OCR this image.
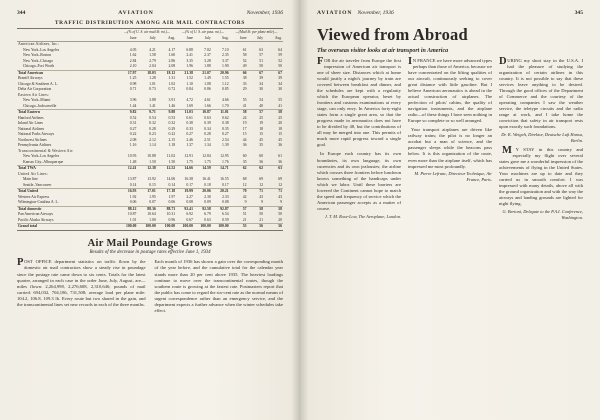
344	AVIATION	November, 1936
TRAFFIC DISTRIBUTION AMONG AIR MAIL CONTRACTORS
	—(% of U. S. air mail lb. mi.)—			—(% of U. S. air pass. mi.)—			—(Mail lb. per plane mile)—		
	June	July	Aug.	June	July	Aug.	June	July	Aug.
American Airlines, Inc.:									
New York–Los Angeles	4.05	4.21	4.17	6.88	7.02	7.10	61	63	64
New York–Boston	1.62	1.58	1.60	2.41	2.37	2.35	58	57	59
New York–Chicago	2.84	2.79	2.86	3.35	3.28	3.37	52	51	52
Chicago–Fort Worth	2.10	2.04	2.08	1.96	1.88	1.90	49	50	50
Total American	17.97	18.03	18.12	21.38	21.07	20.96	66	67	67
Braniff Airways	1.25	1.28	1.31	1.52	1.49	1.55	38	39	39
Chicago & Southern A. L.	0.98	1.01	1.02	1.10	1.08	1.12	33	34	34
Delta Air Corporation	0.71	0.73	0.72	0.84	0.86	0.85	29	30	30
Eastern Air Lines:									
New York–Miami	3.96	3.88	3.91	4.72	4.61	4.66	55	54	55
Chicago–Jacksonville	1.44	1.41	1.46	1.69	1.66	1.70	41	40	41
Total Eastern	9.82	9.71	9.88	11.03	10.87	11.01	58	57	58
Hanford Airlines	0.52	0.54	0.53	0.61	0.63	0.62	24	25	25
Inland Air Lines	0.31	0.32	0.32	0.38	0.39	0.38	19	19	20
National Airlines	0.27	0.28	0.29	0.33	0.34	0.35	17	18	18
National Parks Airways	0.22	0.23	0.22	0.27	0.28	0.27	15	15	15
Northwest Airlines	2.08	2.12	2.15	2.46	2.51	2.54	44	45	45
Pennsylvania Airlines	1.16	1.14	1.18	1.37	1.34	1.39	36	35	36
Transcontinental & Western Air:									
New York–Los Angeles	10.93	10.88	11.02	12.91	12.84	12.95	60	60	61
Kansas City–Albuquerque	1.48	1.50	1.50	1.75	1.75	1.76	35	36	36
Total TWA	12.41	12.38	12.52	14.66	14.59	14.71	62	62	63
United Air Lines:									
Main line	13.87	13.92	14.06	16.38	16.41	16.55	68	69	69
Seattle–Vancouver	0.14	0.15	0.14	0.17	0.18	0.17	12	12	12
Total United	16.93	17.01	17.18	19.99	20.06	20.21	70	71	71
Western Air Express	1.92	1.95	1.97	2.27	2.30	2.33	42	43	43
Wilmington-Catalina A. L.	0.06	0.07	0.06	0.08	0.09	0.08	9	9	9
Total domestic	88.12	88.36	88.73	92.41	92.58	92.87	57	58	58
Pan American Airways	10.87	10.64	10.31	6.92	6.79	6.54	51	50	50
Pacific Alaska Airways	1.01	1.00	0.96	0.67	0.63	0.59	21	21	20
Grand total	100.00	100.00	100.00	100.00	100.00	100.00	55	56	56
Air Mail Poundage Grows
Results of the decrease in postage rates effective June 1, 1934

POST OFFICE department statistics on traffic flown by the domestic air mail contractors show a steady rise in poundage since the postage rate came down to six cents. Totals for the latest quarter, arranged in each case in the order June, July, August, are—miles flown: 2,264,998, 2,276,608, 2,310,646; pounds of mail carried: 694,032, 704,186, 731,508; average load per plane mile: 104.2, 106.8, 109.3 lb. Every route but two shared in the gain, and the transcontinental lines set new records in each of the three months.

Each month of 1936 has shown a gain over the corresponding month of the year before, and the cumulative total for the calendar year stands more than 20 per cent above 1935. The heaviest loadings continue to move over the transcontinental routes, though the southern route is growing at the fastest rate. Postmasters report that the public has come to regard the six-cent rate as the normal means of urgent correspondence rather than an emergency service, and the department expects a further advance when the winter schedules take effect.

AVIATION November, 1936	345
Viewed from Abroad
The overseas visitor looks at air transport in America

FOR the air traveler from Europe the first impression of American air transport is one of sheer size. Distances which at home would justify a night's journey by train are covered between breakfast and dinner, and the schedules are kept with a regularity which the European operator, beset by frontiers and customs examinations at every stage, can only envy. In America forty-eight states form a single great area, so that the progress made in aeronautics does not have to be divided by 48, but the contributions of all may be merged into one. This permits of much more rapid progress toward a single goal.

In Europe each country has its own boundaries, its own language, its own currencies and its own jealousies; the airline which crosses three frontiers before luncheon knows something of the handicaps under which we labor. Until these barriers are lowered the Continent cannot hope to match the speed and frequency of service which the American passenger accepts as a matter of course.

J. T. M. Rose-Low, The Aeroplane, London.

I N FRANCE we have more advanced types perhaps than those of America, because we have concentrated on the lifting qualities of our aircraft, continuously seeking to cover great distance with little gasoline. But I believe American aeronautics is ahead in the actual construction of airplanes. The perfection of pilots' cabins, the quality of navigation instruments, and the airplane radio—of these things I have seen nothing in Europe so complete or so well arranged.

Your transport airplanes are driven like railway trains; the pilot is no longer an acrobat but a man of science, and the passenger sleeps while the beacons pass below. It is this organization of the route, even more than the airplane itself, which has impressed me most profoundly.

M. Pierre Lefranc, Directeur Technique, Air France, Paris.

DURING my short stay in the U.S.A. I had the pleasure of studying the organization of certain airlines in this country. It is not possible to say that these services leave anything to be desired. Through the good offices of the Department of Commerce and the courtesy of the operating companies I saw the weather service, the teletype circuits and the radio range at work, and I take home the conviction that safety in air transport rests upon exactly such foundations.

Dr. K. Weigelt, Direktor, Deutsche Luft Hansa, Berlin.

M Y STAY in this country and especially my flight over several states gave me a wonderful impression of the achievements of flying in the United States. Your machines are up to date and they carried us in smooth comfort. I was impressed with many details, above all with the ground organization and with the way the airways and landing grounds are lighted for night flying.

G. Bertoni, Delegate to the P.A.I. Conference, Washington.
